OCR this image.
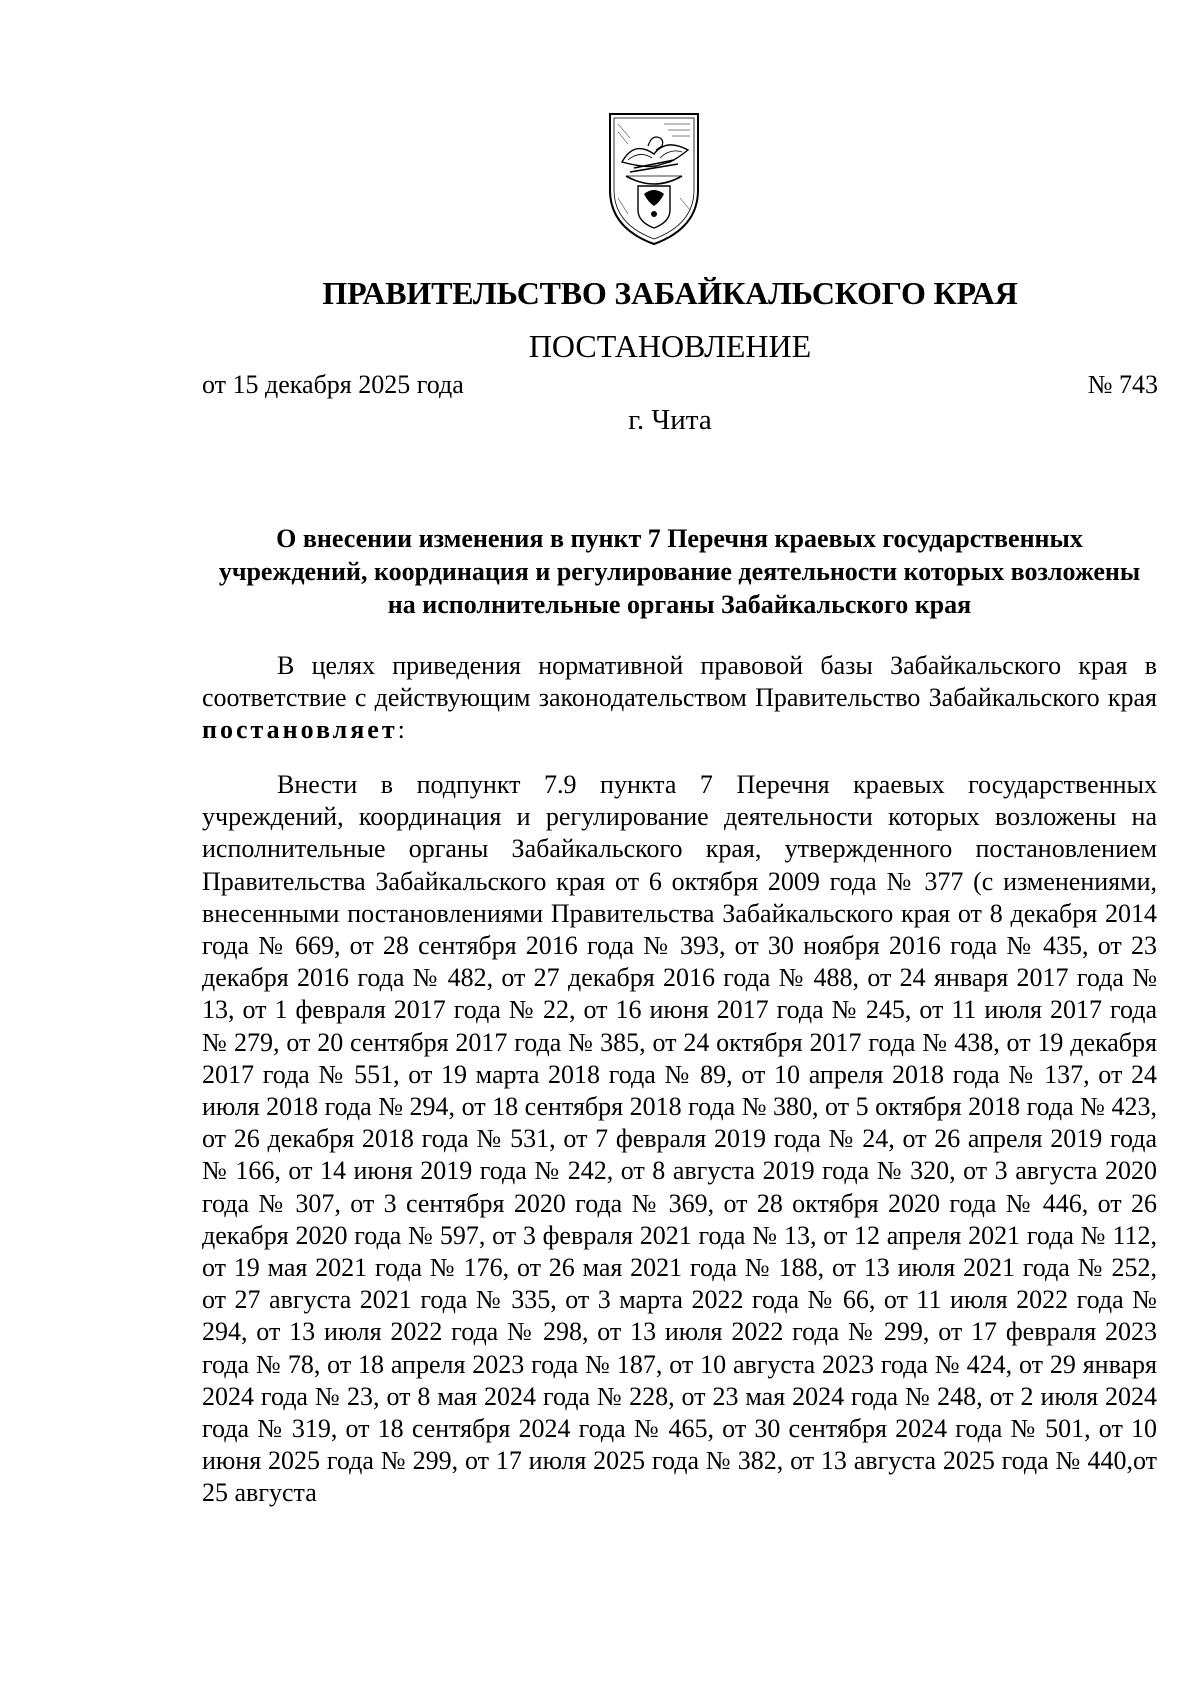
ПРАВИТЕЛЬСТВО ЗАБАЙКАЛЬСКОГО КРАЯ
ПОСТАНОВЛЕНИЕ
от 15 декабря 2025 года	№ 743
г. Чита
О внесении изменения в пункт 7 Перечня краевых государственных учреждений, координация и регулирование деятельности которых возложены на исполнительные органы Забайкальского края

В целях приведения нормативной правовой базы Забайкальского края в соответствие с действующим законодательством Правительство Забайкальского края постановляет:

Внести в подпункт 7.9 пункта 7 Перечня краевых государственных учреждений, координация и регулирование деятельности которых возложены на исполнительные органы Забайкальского края, утвержденного постановлением Правительства Забайкальского края от 6 октября 2009 года № 377 (с изменениями, внесенными постановлениями Правительства Забайкальского края от 8 декабря 2014 года № 669, от 28 сентября 2016 года № 393, от 30 ноября 2016 года № 435, от 23 декабря 2016 года № 482, от 27 декабря 2016 года № 488, от 24 января 2017 года № 13, от 1 февраля 2017 года № 22, от 16 июня 2017 года № 245, от 11 июля 2017 года № 279, от 20 сентября 2017 года № 385, от 24 октября 2017 года № 438, от 19 декабря 2017 года № 551, от 19 марта 2018 года № 89, от 10 апреля 2018 года № 137, от 24 июля 2018 года № 294, от 18 сентября 2018 года № 380, от 5 октября 2018 года № 423, от 26 декабря 2018 года № 531, от 7 февраля 2019 года № 24, от 26 апреля 2019 года № 166, от 14 июня 2019 года № 242, от 8 августа 2019 года № 320, от 3 августа 2020 года № 307, от 3 сентября 2020 года № 369, от 28 октября 2020 года № 446, от 26 декабря 2020 года № 597, от 3 февраля 2021 года № 13, от 12 апреля 2021 года № 112, от 19 мая 2021 года № 176, от 26 мая 2021 года № 188, от 13 июля 2021 года № 252, от 27 августа 2021 года № 335, от 3 марта 2022 года № 66, от 11 июля 2022 года № 294, от 13 июля 2022 года № 298, от 13 июля 2022 года № 299, от 17 февраля 2023 года № 78, от 18 апреля 2023 года № 187, от 10 августа 2023 года № 424, от 29 января 2024 года № 23, от 8 мая 2024 года № 228, от 23 мая 2024 года № 248, от 2 июля 2024 года № 319, от 18 сентября 2024 года № 465, от 30 сентября 2024 года № 501, от 10 июня 2025 года № 299, от 17 июля 2025 года № 382, от 13 августа 2025 года № 440,от 25 августа
